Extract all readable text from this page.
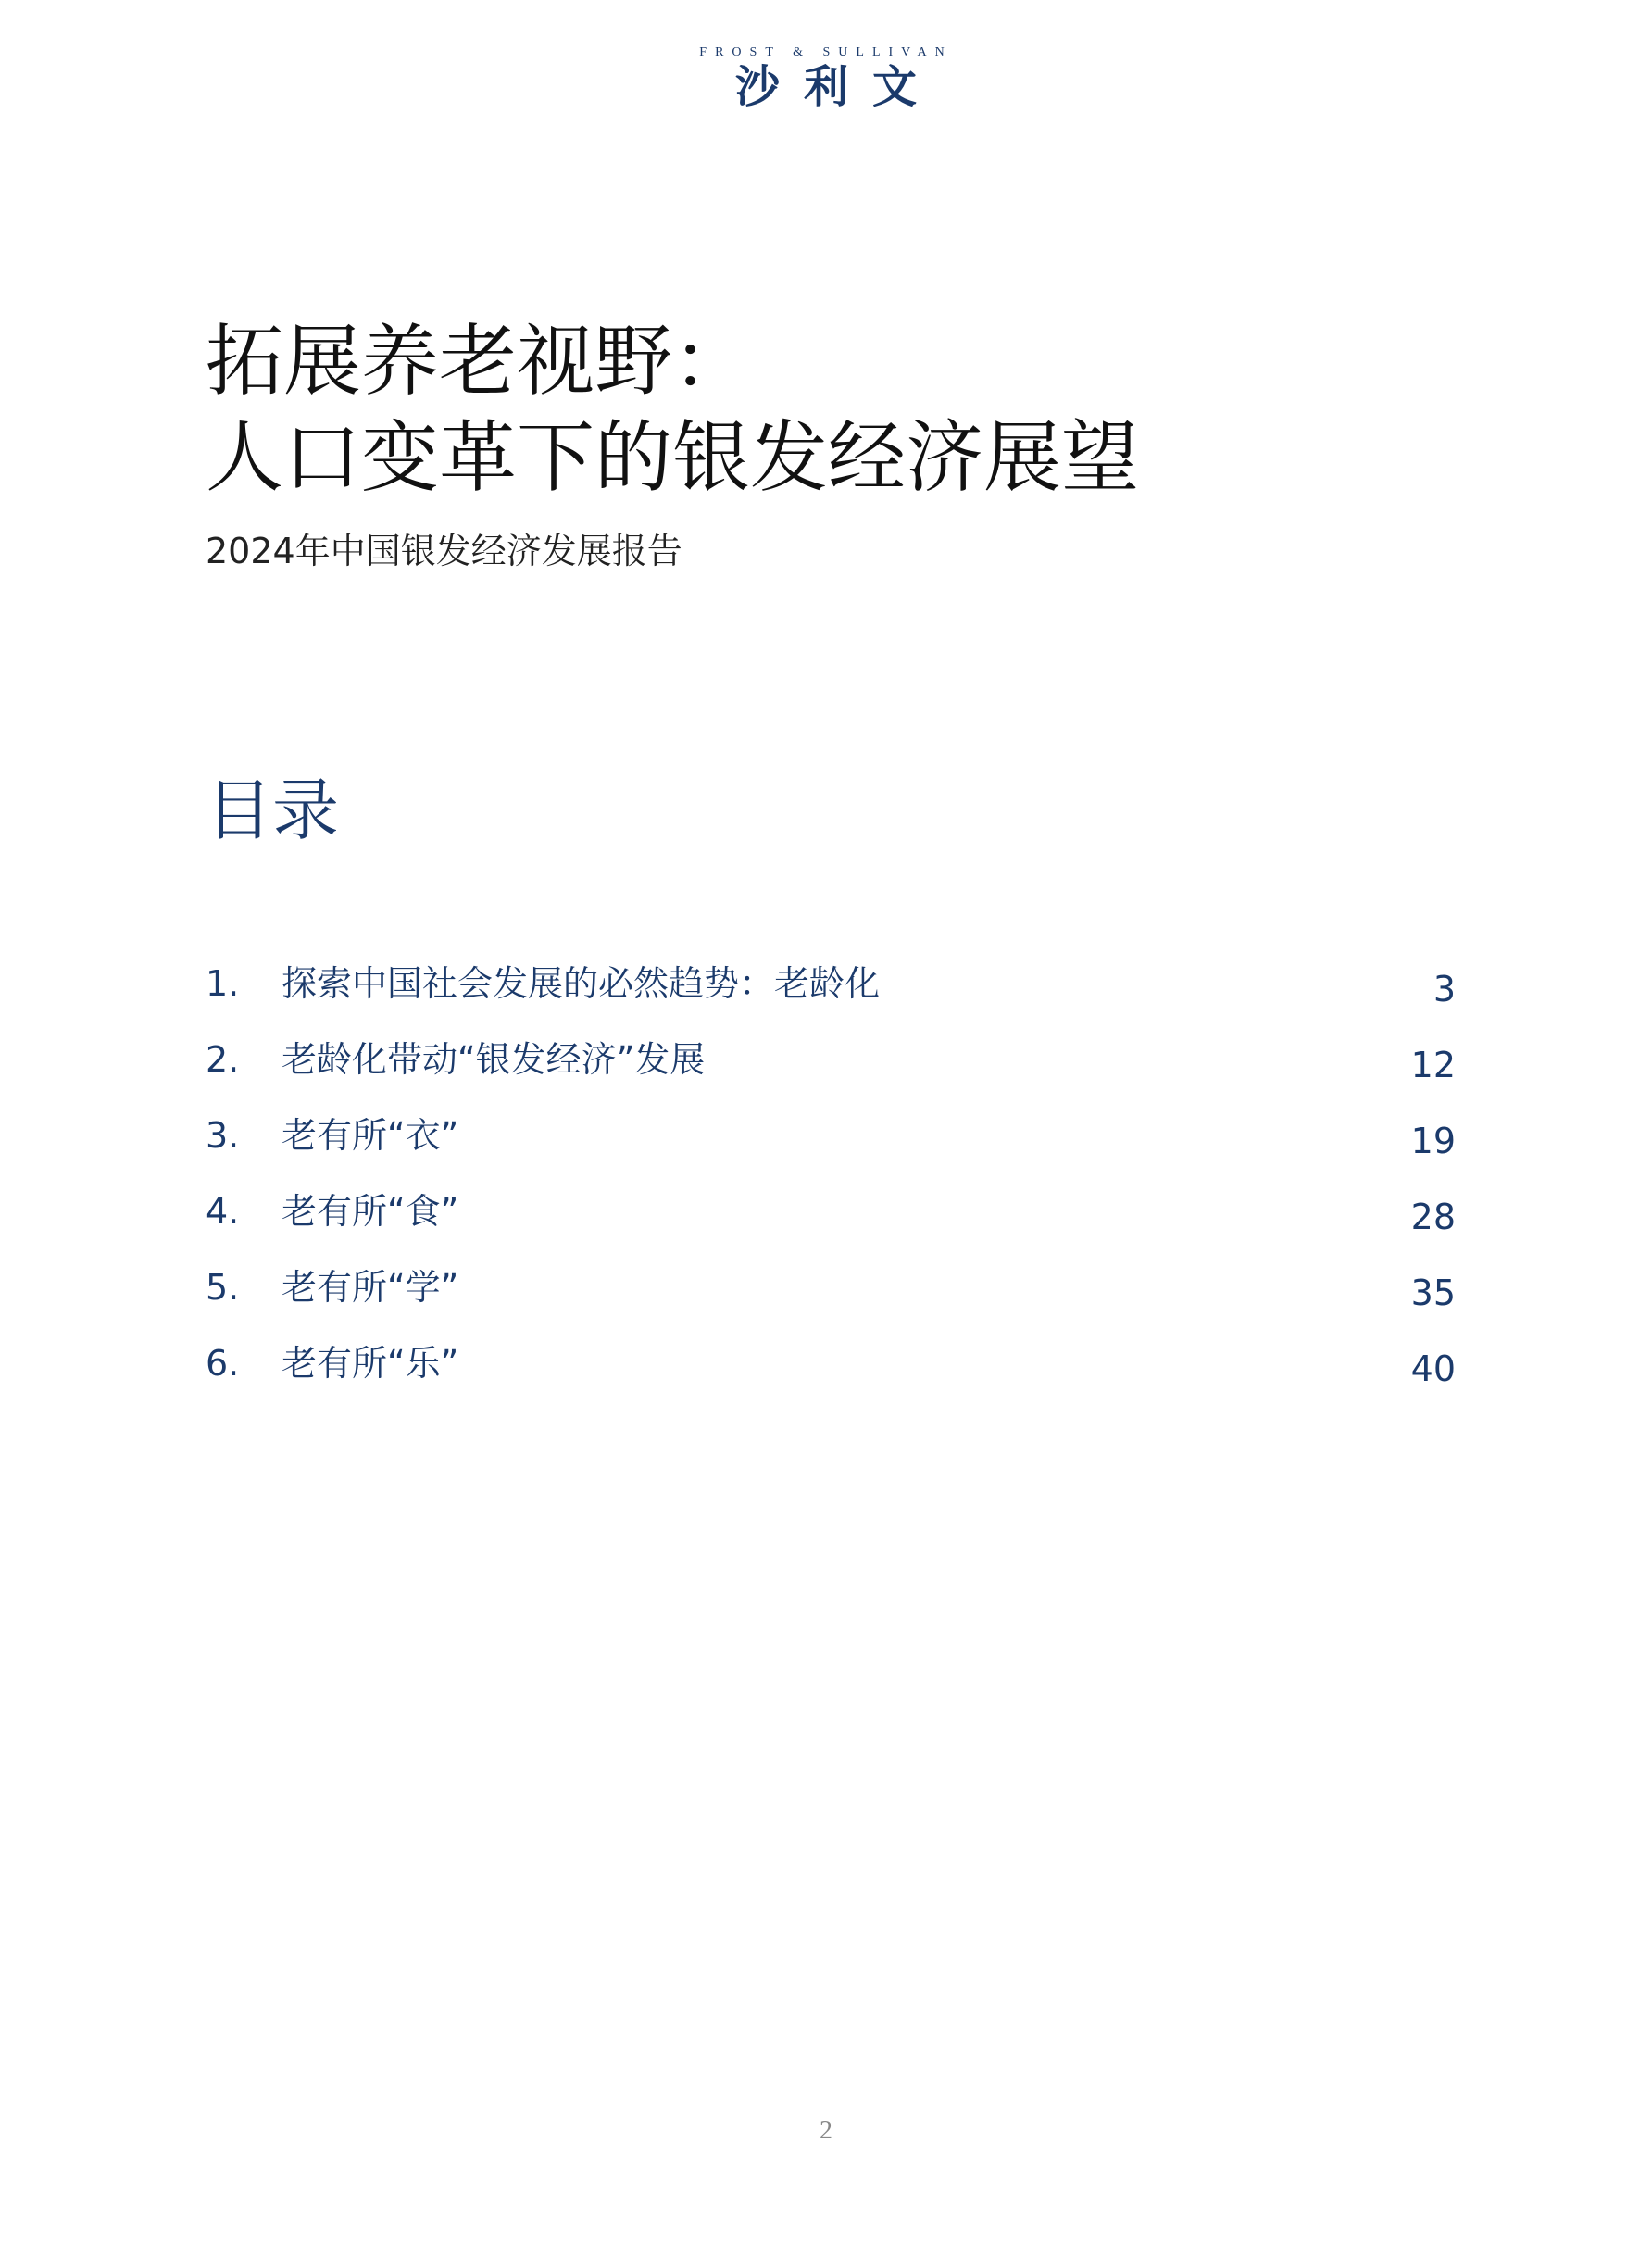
FROST & SULLIVAN
沙利文
拓展养老视野：
人口变革下的银发经济展望

2024年中国银发经济发展报告

目录
1. 探索中国社会发展的必然趋势：老龄化	3
2. 老龄化带动“银发经济”发展	12
3. 老有所“衣”	19
4. 老有所“食”	28
5. 老有所“学”	35
6. 老有所“乐”	40
2
